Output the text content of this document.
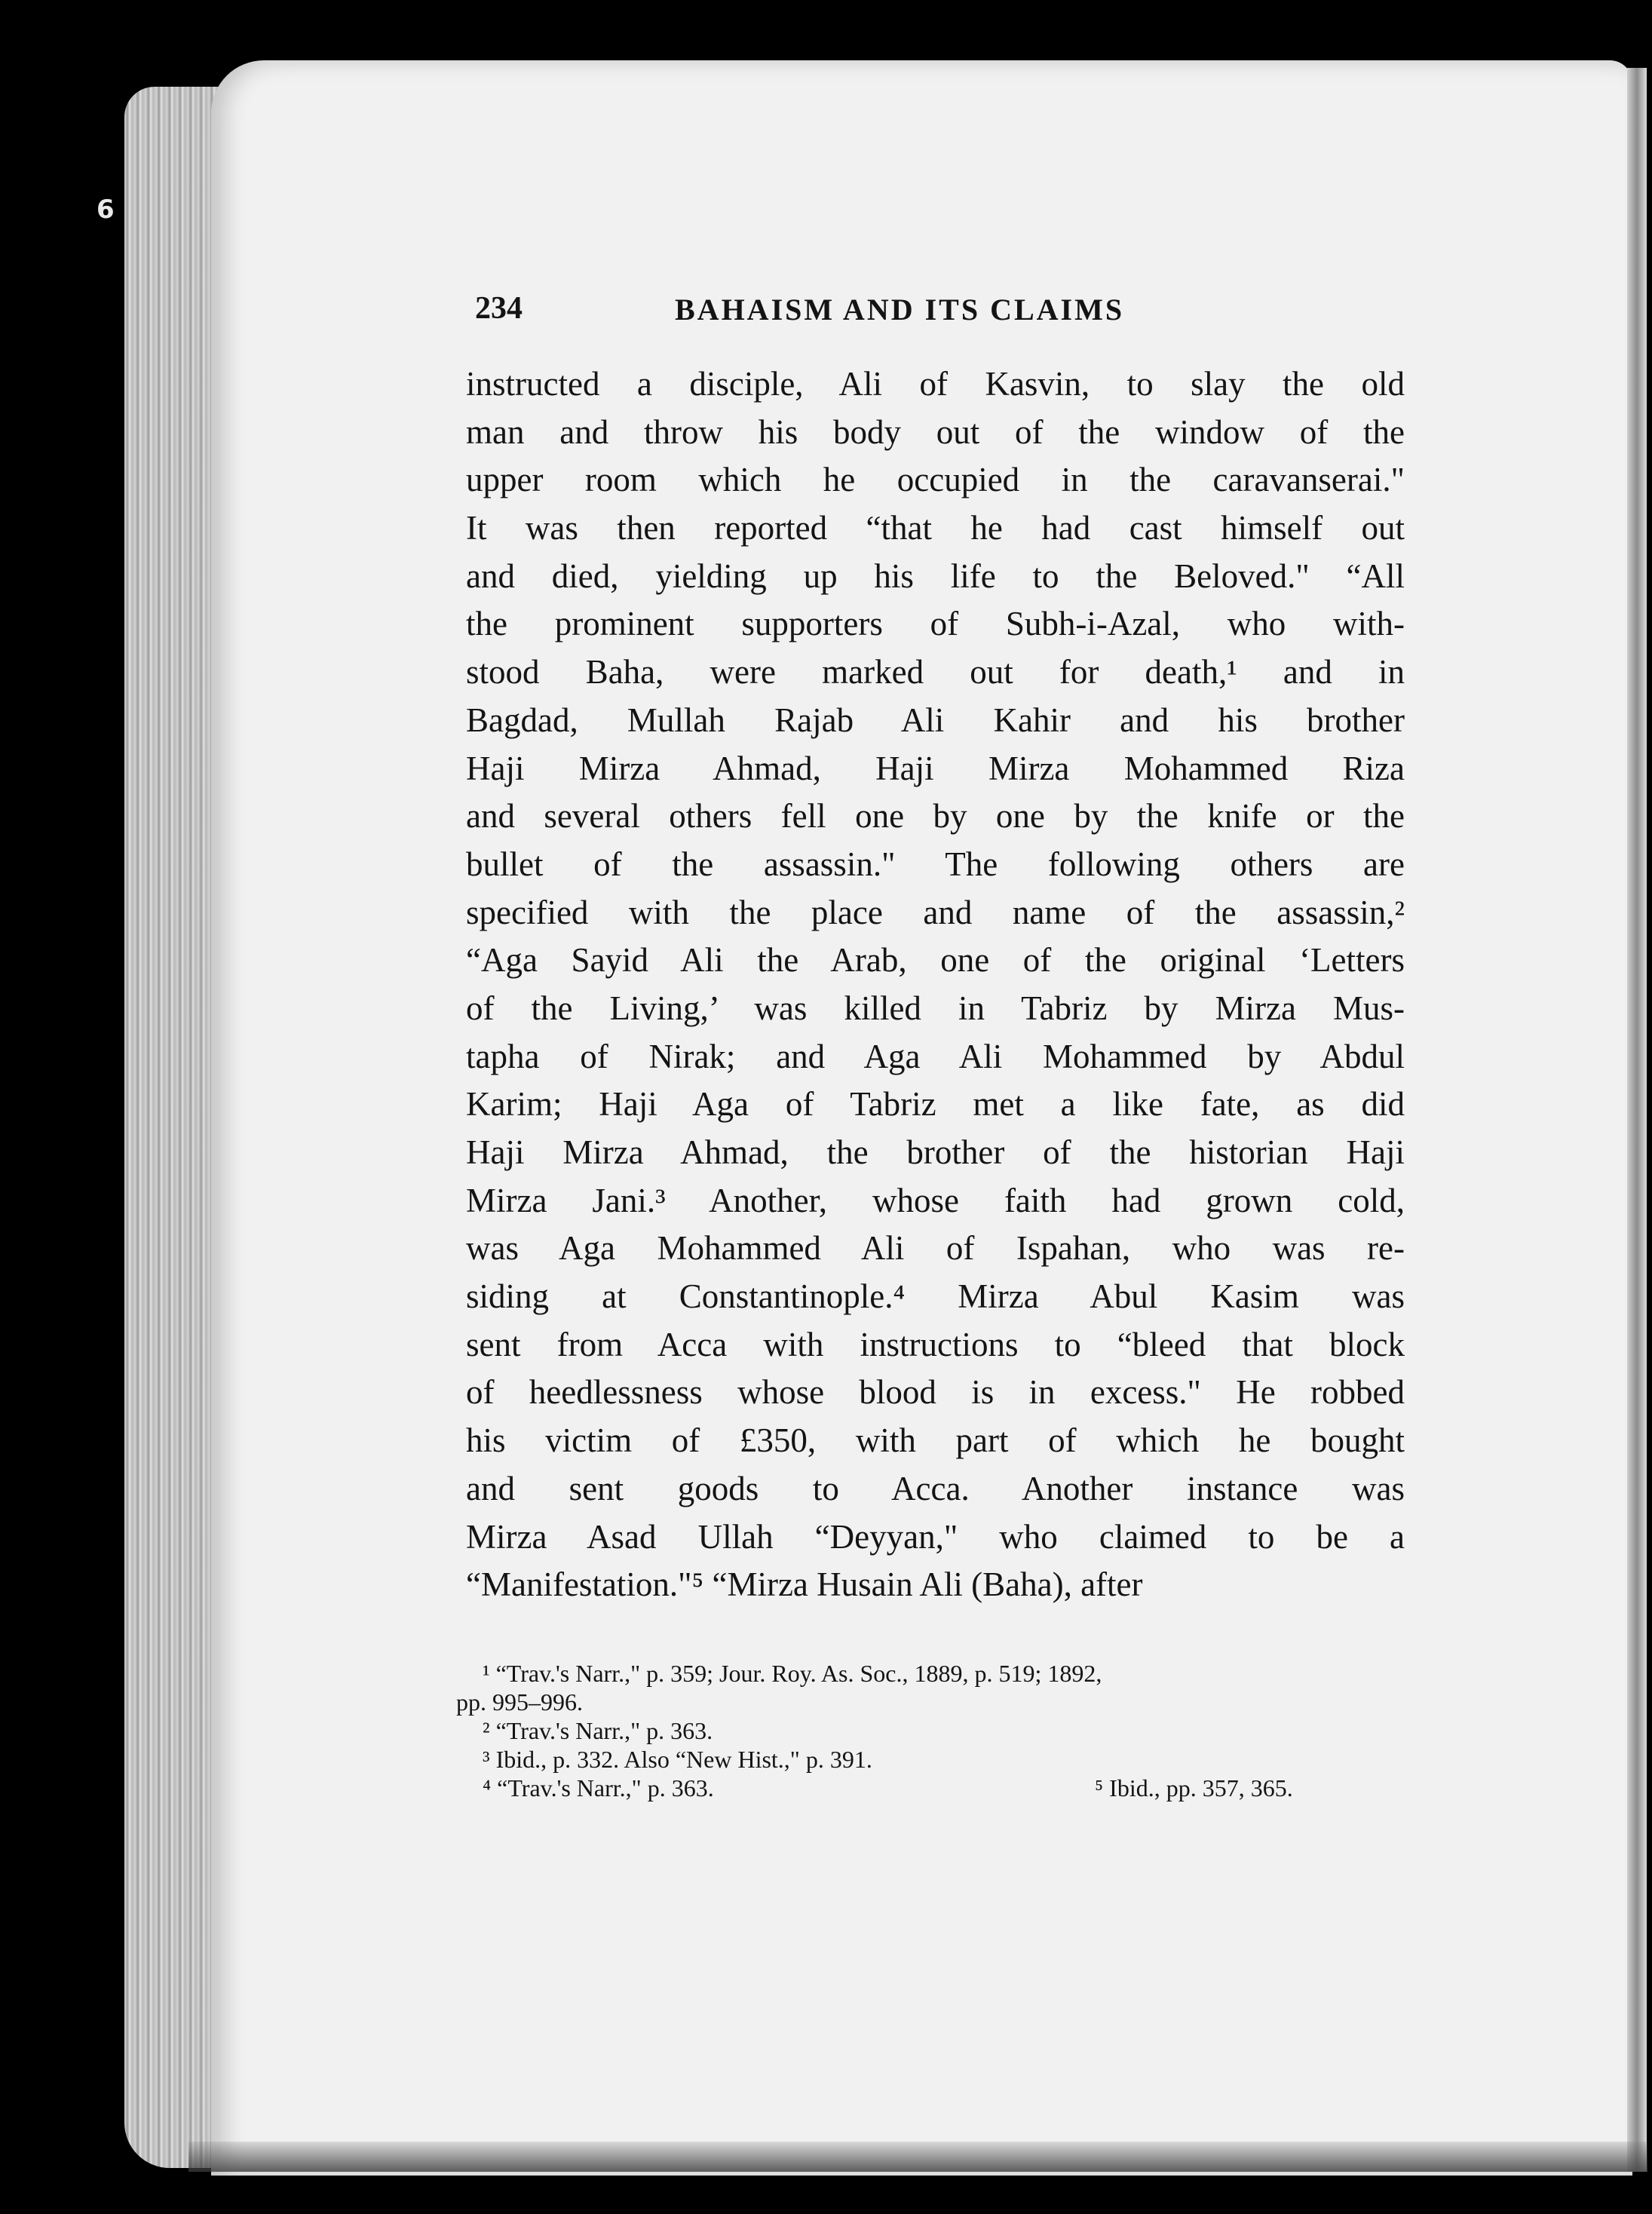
6
234	BAHAISM AND ITS CLAIMS
instructed a disciple, Ali of Kasvin, to slay the old
man and throw his body out of the window of the
upper room which he occupied in the caravanserai."
It was then reported “that he had cast himself out
and died, yielding up his life to the Beloved." “All
the prominent supporters of Subh-i-Azal, who with-
stood Baha, were marked out for death,¹ and in
Bagdad, Mullah Rajab Ali Kahir and his brother
Haji Mirza Ahmad, Haji Mirza Mohammed Riza
and several others fell one by one by the knife or the
bullet of the assassin." The following others are
specified with the place and name of the assassin,²
“Aga Sayid Ali the Arab, one of the original ‘Letters
of the Living,’ was killed in Tabriz by Mirza Mus-
tapha of Nirak; and Aga Ali Mohammed by Abdul
Karim; Haji Aga of Tabriz met a like fate, as did
Haji Mirza Ahmad, the brother of the historian Haji
Mirza Jani.³ Another, whose faith had grown cold,
was Aga Mohammed Ali of Ispahan, who was re-
siding at Constantinople.⁴ Mirza Abul Kasim was
sent from Acca with instructions to “bleed that block
of heedlessness whose blood is in excess." He robbed
his victim of £350, with part of which he bought
and sent goods to Acca. Another instance was
Mirza Asad Ullah “Deyyan," who claimed to be a
“Manifestation."⁵ “Mirza Husain Ali (Baha), after
¹ “Trav.'s Narr.," p. 359; Jour. Roy. As. Soc., 1889, p. 519; 1892,
pp. 995–996.
² “Trav.'s Narr.," p. 363.
³ Ibid., p. 332. Also “New Hist.," p. 391.
⁴ “Trav.'s Narr.," p. 363.	⁵ Ibid., pp. 357, 365.
